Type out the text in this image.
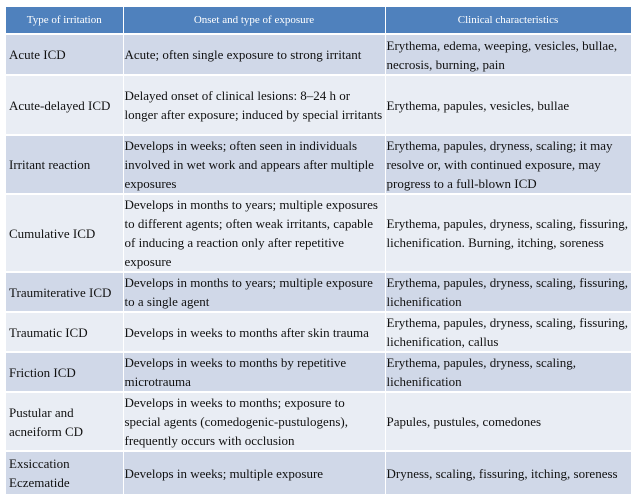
Type of irritation	Onset and type of exposure	Clinical characteristics
Acute ICD	Acute; often single exposure to strong irritant	Erythema, edema, weeping, vesicles, bullae, necrosis, burning, pain
Acute-delayed ICD	Delayed onset of clinical lesions: 8–24 h or longer after exposure; induced by special irritants	Erythema, papules, vesicles, bullae
Irritant reaction	Develops in weeks; often seen in individuals involved in wet work and appears after multiple exposures	Erythema, papules, dryness, scaling; it may resolve or, with continued exposure, may progress to a full-blown ICD
Cumulative ICD	Develops in months to years; multiple exposures to different agents; often weak irritants, capable of inducing a reaction only after repetitive exposure	Erythema, papules, dryness, scaling, fissuring, lichenification. Burning, itching, soreness
Traumiterative ICD	Develops in months to years; multiple exposure to a single agent	Erythema, papules, dryness, scaling, fissuring, lichenification
Traumatic ICD	Develops in weeks to months after skin trauma	Erythema, papules, dryness, scaling, fissuring, lichenification, callus
Friction ICD	Develops in weeks to months by repetitive microtrauma	Erythema, papules, dryness, scaling, lichenification
Pustular and acneiform CD	Develops in weeks to months; exposure to special agents (comedogenic-pustulogens), frequently occurs with occlusion	Papules, pustules, comedones
Exsiccation Eczematide	Develops in weeks; multiple exposure	Dryness, scaling, fissuring, itching, soreness
